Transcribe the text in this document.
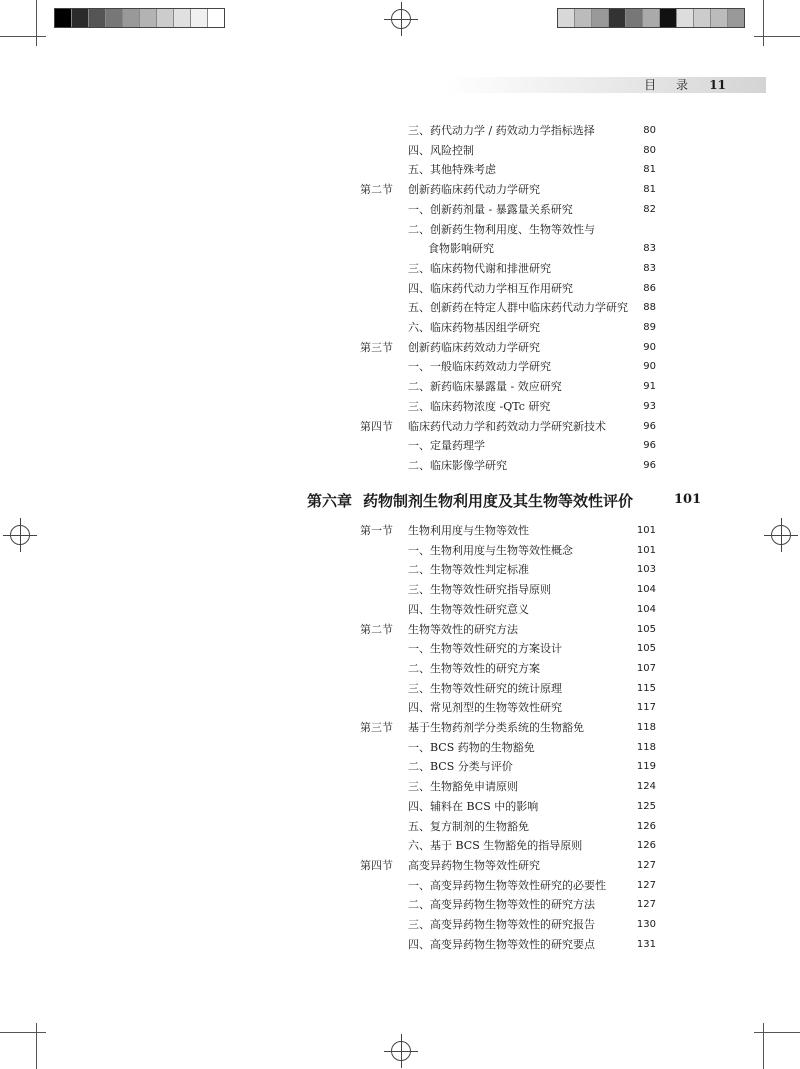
目 录 11
三、药代动力学 / 药效动力学指标选择	80
四、风险控制	80
五、其他特殊考虑	81
第二节 创新药临床药代动力学研究	81
一、创新药剂量 - 暴露量关系研究	82
二、创新药生物利用度、生物等效性与
食物影响研究	83
三、临床药物代谢和排泄研究	83
四、临床药代动力学相互作用研究	86
五、创新药在特定人群中临床药代动力学研究 88
六、临床药物基因组学研究	89
第三节 创新药临床药效动力学研究	90
一、一般临床药效动力学研究	90
二、新药临床暴露量 - 效应研究	91
三、临床药物浓度 -QTc 研究	93
第四节 临床药代动力学和药效动力学研究新技术	96
一、定量药理学	96
二、临床影像学研究	96
第六章 药物制剂生物利用度及其生物等效性评价	101
第一节 生物利用度与生物等效性	101
一、生物利用度与生物等效性概念	101
二、生物等效性判定标准	103
三、生物等效性研究指导原则	104
四、生物等效性研究意义	104
第二节 生物等效性的研究方法	105
一、生物等效性研究的方案设计	105
二、生物等效性的研究方案	107
三、生物等效性研究的统计原理	115
四、常见剂型的生物等效性研究	117
第三节 基于生物药剂学分类系统的生物豁免	118
一、BCS 药物的生物豁免	118
二、BCS 分类与评价	119
三、生物豁免申请原则	124
四、辅料在 BCS 中的影响	125
五、复方制剂的生物豁免	126
六、基于 BCS 生物豁免的指导原则	126
第四节 高变异药物生物等效性研究	127
一、高变异药物生物等效性研究的必要性	127
二、高变异药物生物等效性的研究方法	127
三、高变异药物生物等效性的研究报告	130
四、高变异药物生物等效性的研究要点	131
